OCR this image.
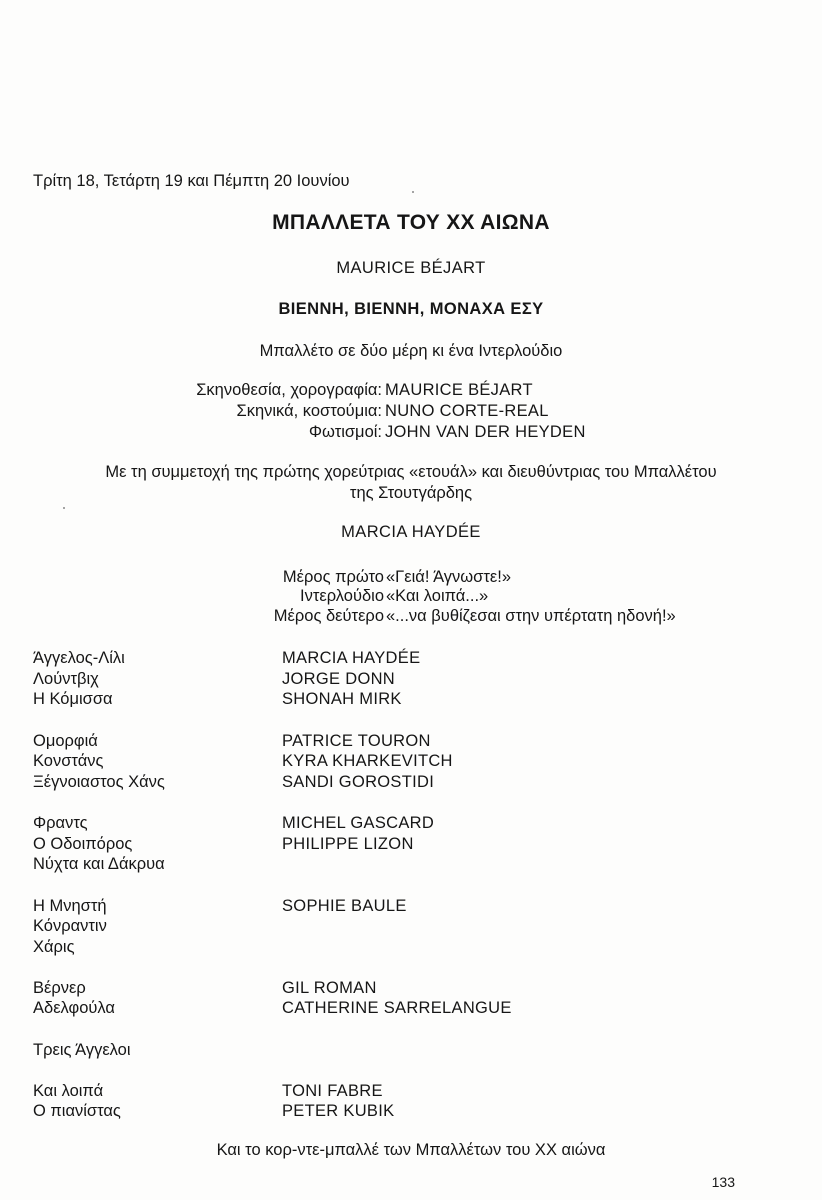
Τρίτη 18, Τετάρτη 19 και Πέμπτη 20 Ιουνίου
ΜΠΑΛΛΕΤΑ ΤΟΥ ΧΧ ΑΙΩΝΑ
MAURICE BÉJART
ΒΙΕΝΝΗ, ΒΙΕΝΝΗ, ΜΟΝΑΧΑ ΕΣΥ
Μπαλλέτο σε δύο μέρη κι ένα Ιντερλούδιο
Σκηνοθεσία, χορογραφία: MAURICE BÉJART
Σκηνικά, κοστούμια: NUNO CORTE-REAL
Φωτισμοί: JOHN VAN DER HEYDEN
Με τη συμμετοχή της πρώτης χορεύτριας «ετουάλ» και διευθύντριας του Μπαλλέτου
της Στουτγάρδης
MARCIA HAYDÉE
Μέρος πρώτο «Γειά! Άγνωστε!»
Ιντερλούδιο «Και λοιπά...»
Μέρος δεύτερο «...να βυθίζεσαι στην υπέρτατη ηδονή!»
Άγγελος-Λίλι
Λούντβιχ
Η Κόμισσα
MARCIA HAYDÉE
JORGE DONN
SHONAH MIRK
Ομορφιά
Κονστάνς
Ξέγνοιαστος Χάνς
PATRICE TOURON
KYRA KHARKEVITCH
SANDI GOROSTIDI
Φραντς
Ο Οδοιπόρος
Νύχτα και Δάκρυα
MICHEL GASCARD
PHILIPPE LIZON
Η Μνηστή
Κόνραντιν
Χάρις
SOPHIE BAULE
Βέρνερ
Αδελφούλα
GIL ROMAN
CATHERINE SARRELANGUE
Τρεις Άγγελοι
Και λοιπά
Ο πιανίστας
TONI FABRE
PETER KUBIK
Και το κορ-ντε-μπαλλέ των Μπαλλέτων του XX αιώνα
133
